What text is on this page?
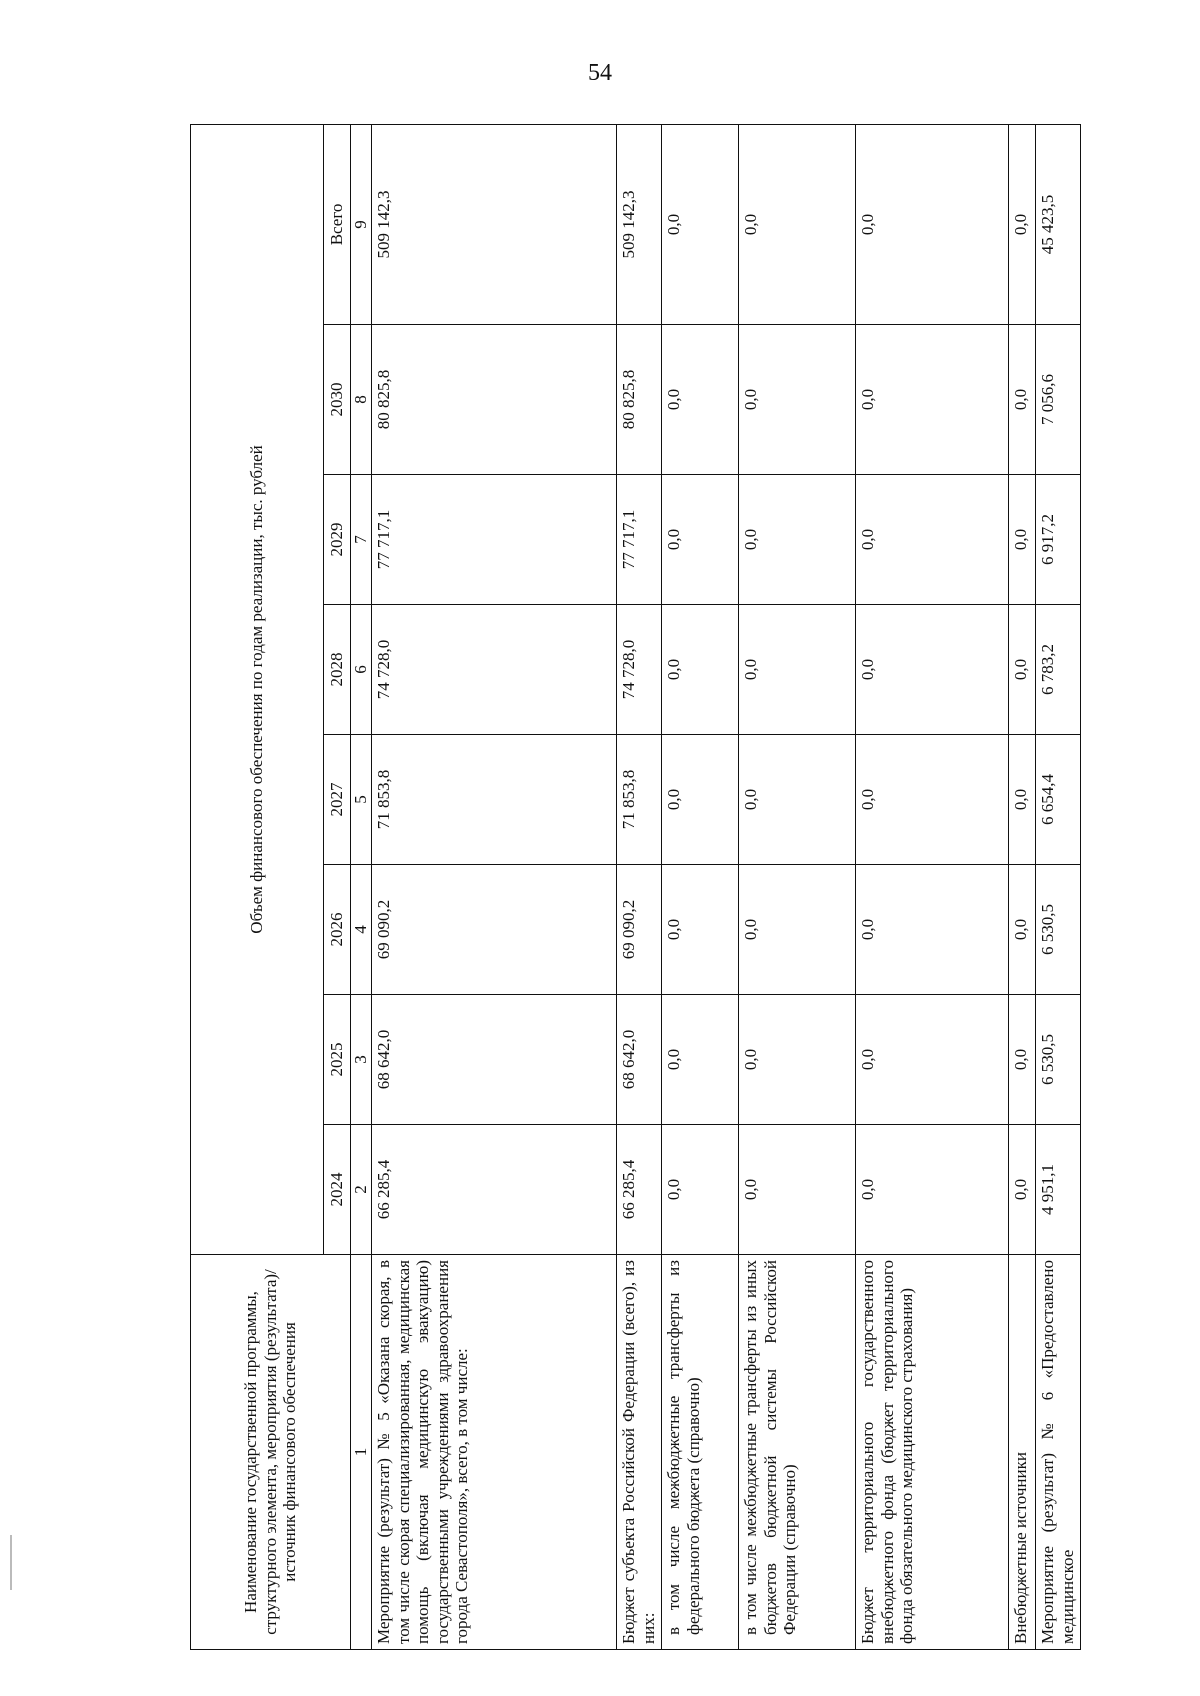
54
Наименование государственной программы, структурного элемента, мероприятия (результата)/источник финансового обеспечения	Объем финансового обеспечения по годам реализации, тыс. рублей							
	2024	2025	2026	2027	2028	2029	2030	Всего
1	2	3	4	5	6	7	8	9
Мероприятие (результат) № 5 «Оказана скорая, в том числе скорая специализированная, медицинская помощь (включая медицинскую эвакуацию) государственными учреждениями здравоохранения города Севастополя», всего, в том числе:	66 285,4	68 642,0	69 090,2	71 853,8	74 728,0	77 717,1	80 825,8	509 142,3
Бюджет субъекта Российской Федерации (всего), из них:	66 285,4	68 642,0	69 090,2	71 853,8	74 728,0	77 717,1	80 825,8	509 142,3
в том числе межбюджетные трансферты из федерального бюджета (справочно)	0,0	0,0	0,0	0,0	0,0	0,0	0,0	0,0
в том числе межбюджетные трансферты из иных бюджетов бюджетной системы Российской Федерации (справочно)	0,0	0,0	0,0	0,0	0,0	0,0	0,0	0,0
Бюджет территориального государственного внебюджетного фонда (бюджет территориального фонда обязательного медицинского страхования)	0,0	0,0	0,0	0,0	0,0	0,0	0,0	0,0
Внебюджетные источники	0,0	0,0	0,0	0,0	0,0	0,0	0,0	0,0
Мероприятие (результат) № 6 «Предоставлено медицинское	4 951,1	6 530,5	6 530,5	6 654,4	6 783,2	6 917,2	7 056,6	45 423,5
